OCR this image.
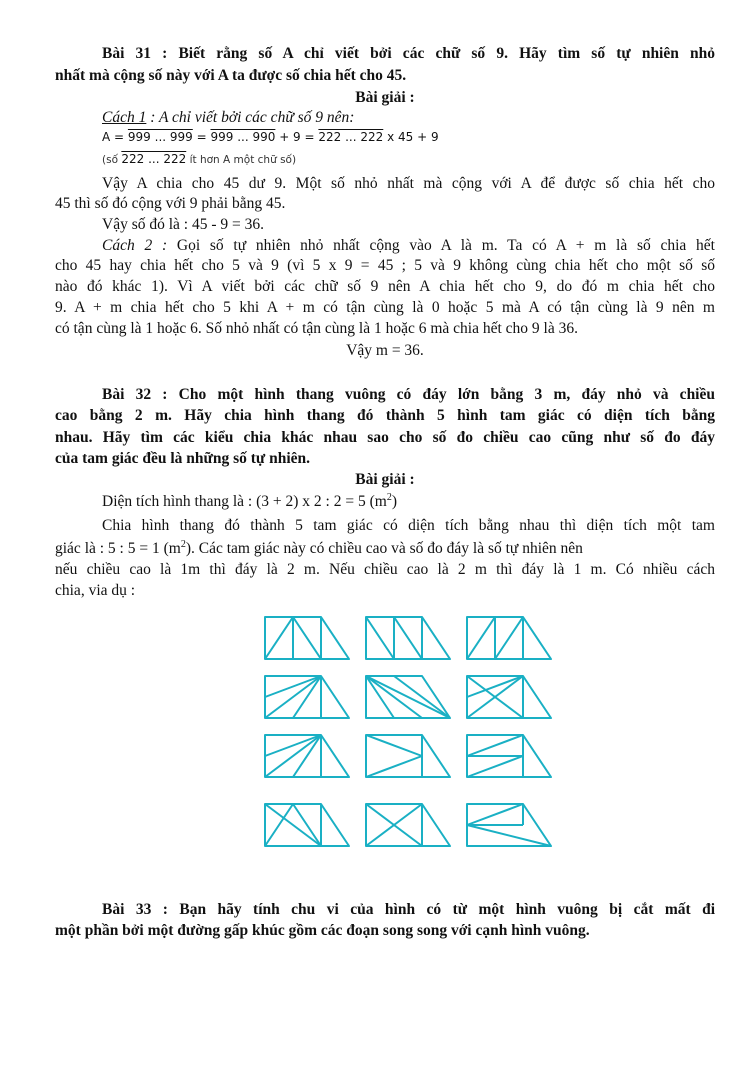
Bài 31 : Biết rằng số A chỉ viết bởi các chữ số 9. Hãy tìm số tự nhiên nhỏ
nhất mà cộng số này với A ta được số chia hết cho 45.
Bài giải :
Cách 1 : A chỉ viết bởi các chữ số 9 nên:
A = 999 ... 999 = 999 ... 990 + 9 = 222 ... 222 x 45 + 9
(số 222 ... 222 ít hơn A một chữ số)
Vậy A chia cho 45 dư 9. Một số nhỏ nhất mà cộng với A để được số chia hết cho
45 thì số đó cộng với 9 phải bằng 45.
Vậy số đó là : 45 - 9 = 36.
Cách 2 : Gọi số tự nhiên nhỏ nhất cộng vào A là m. Ta có A + m là số chia hết
cho 45 hay chia hết cho 5 và 9 (vì 5 x 9 = 45 ; 5 và 9 không cùng chia hết cho một số số
nào đó khác 1). Vì A viết bởi các chữ số 9 nên A chia hết cho 9, do đó m chia hết cho
9. A + m chia hết cho 5 khi A + m có tận cùng là 0 hoặc 5 mà A có tận cùng là 9 nên m
có tận cùng là 1 hoặc 6. Số nhỏ nhất có tận cùng là 1 hoặc 6 mà chia hết cho 9 là 36.
Vậy m = 36.
Bài 32 : Cho một hình thang vuông có đáy lớn bằng 3 m, đáy nhỏ và chiều
cao bằng 2 m. Hãy chia hình thang đó thành 5 hình tam giác có diện tích bằng
nhau. Hãy tìm các kiểu chia khác nhau sao cho số đo chiều cao cũng như số đo đáy
của tam giác đều là những số tự nhiên.
Bài giải :
Diện tích hình thang là : (3 + 2) x 2 : 2 = 5 $(m^2)$
Chia hình thang đó thành 5 tam giác có diện tích bằng nhau thì diện tích một tam
giác là : 5 : 5 = 1 $(m^2)$. Các tam giác này có chiều cao và số đo đáy là số tự nhiên nên
nếu chiều cao là 1m thì đáy là 2 m. Nếu chiều cao là 2 m thì đáy là 1 m. Có nhiều cách
chia, via dụ :
Bài 33 : Bạn hãy tính chu vi của hình có từ một hình vuông bị cắt mất đi
một phần bởi một đường gấp khúc gồm các đoạn song song với cạnh hình vuông.
